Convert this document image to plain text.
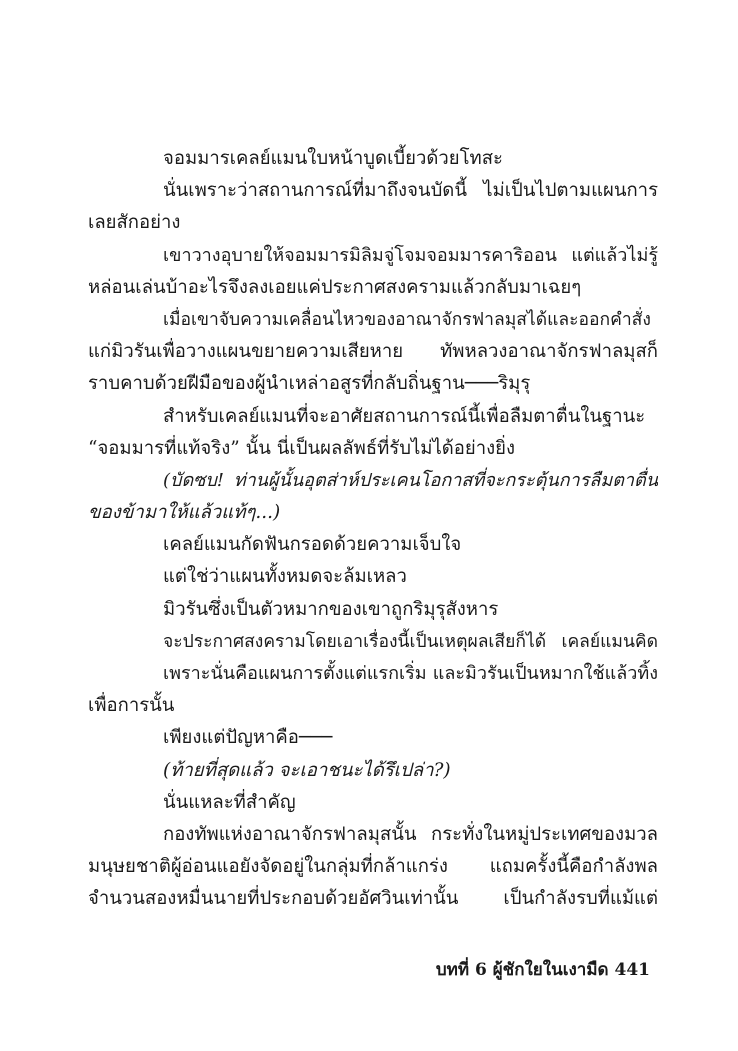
จอมมารเคลย์แมนใบหน้าบูดเบี้ยวด้วยโทสะ
นั่นเพราะว่าสถานการณ์ที่มาถึงจนบัดนี้ ไม่เป็นไปตามแผนการ
เลยสักอย่าง
เขาวางอุบายให้จอมมารมิลิมจู่โจมจอมมารคาริออน แต่แล้วไม่รู้
หล่อนเล่นบ้าอะไรจึงลงเอยแค่ประกาศสงครามแล้วกลับมาเฉยๆ
เมื่อเขาจับความเคลื่อนไหวของอาณาจักรฟาลมุสได้และออกคำสั่ง
แก่มิวรันเพื่อวางแผนขยายความเสียหาย ทัพหลวงอาณาจักรฟาลมุสก็
ราบคาบด้วยฝีมือของผู้นำเหล่าอสูรที่กลับถิ่นฐาน───ริมุรุ
สำหรับเคลย์แมนที่จะอาศัยสถานการณ์นี้เพื่อลืมตาตื่นในฐานะ
“จอมมารที่แท้จริง” นั้น นี่เป็นผลลัพธ์ที่รับไม่ได้อย่างยิ่ง
(บัดซบ! ท่านผู้นั้นอุตส่าห์ประเคนโอกาสที่จะกระตุ้นการลืมตาตื่น
ของข้ามาให้แล้วแท้ๆ...)
เคลย์แมนกัดฟันกรอดด้วยความเจ็บใจ
แต่ใช่ว่าแผนทั้งหมดจะล้มเหลว
มิวรันซึ่งเป็นตัวหมากของเขาถูกริมุรุสังหาร
จะประกาศสงครามโดยเอาเรื่องนี้เป็นเหตุผลเสียก็ได้ เคลย์แมนคิด
เพราะนั่นคือแผนการตั้งแต่แรกเริ่ม และมิวรันเป็นหมากใช้แล้วทิ้ง
เพื่อการนั้น
เพียงแต่ปัญหาคือ───
(ท้ายที่สุดแล้ว จะเอาชนะได้รึเปล่า?)
นั่นแหละที่สำคัญ
กองทัพแห่งอาณาจักรฟาลมุสนั้น กระทั่งในหมู่ประเทศของมวล
มนุษยชาติผู้อ่อนแอยังจัดอยู่ในกลุ่มที่กล้าแกร่ง แถมครั้งนี้คือกำลังพล
จำนวนสองหมื่นนายที่ประกอบด้วยอัศวินเท่านั้น เป็นกำลังรบที่แม้แต่
บทที่ 6 ผู้ชักใยในเงามืด 441
